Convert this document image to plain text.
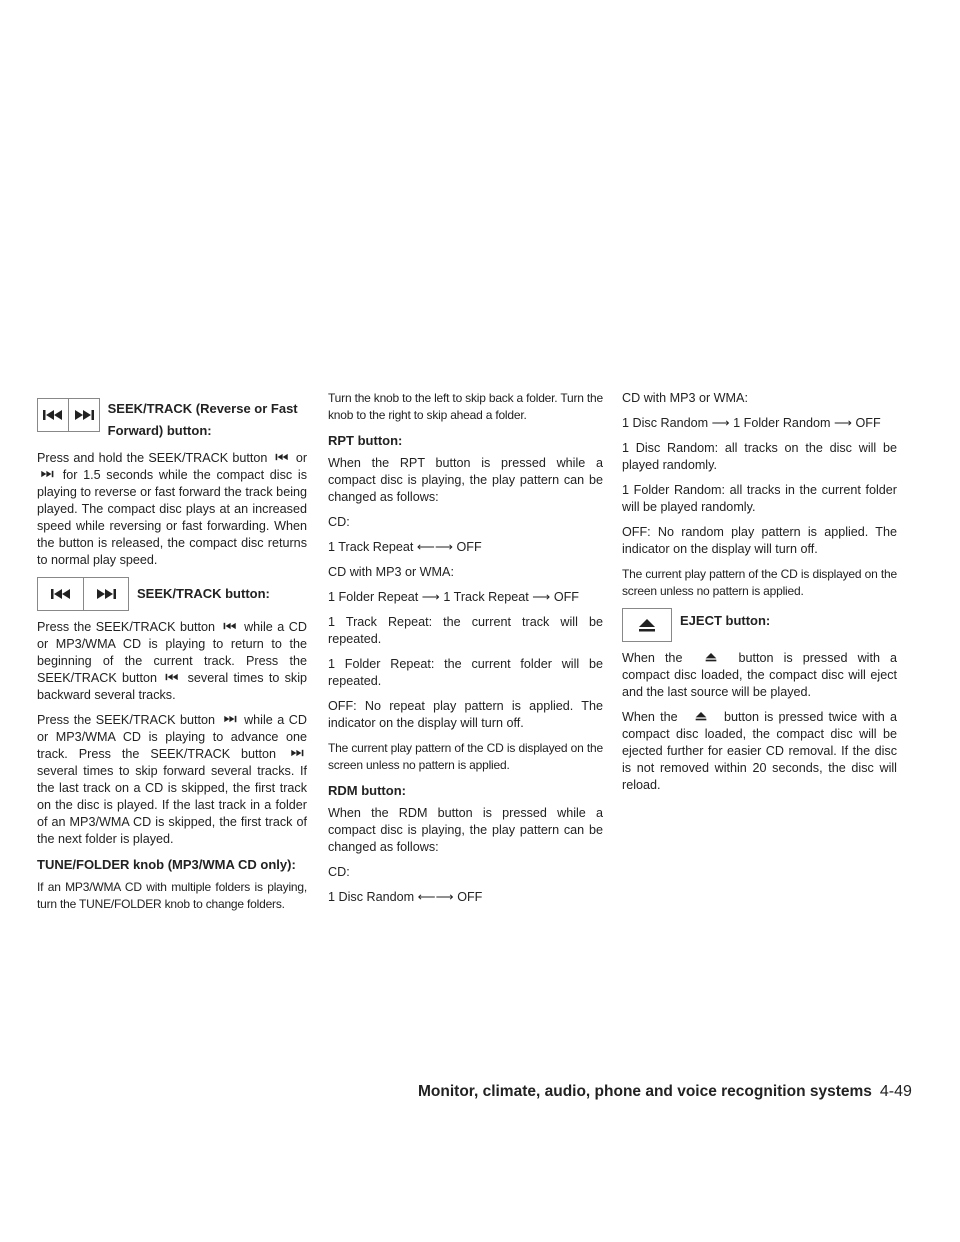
SEEK/TRACK (Reverse or Fast Forward) button:

Press and hold the SEEK/TRACK button or  for 1.5 seconds while the compact disc is playing to reverse or fast forward the track being played. The compact disc plays at an increased speed while reversing or fast forwarding. When the button is released, the compact disc returns to normal play speed.

SEEK/TRACK button:

Press the SEEK/TRACK button while a CD or MP3/WMA CD is playing to return to the beginning of the current track. Press the SEEK/TRACK button several times to skip backward several tracks.

Press the SEEK/TRACK button while a CD or MP3/WMA CD is playing to advance one track. Press the SEEK/TRACK button  several times to skip forward several tracks. If the last track on a CD is skipped, the first track on the disc is played. If the last track in a folder of an MP3/WMA CD is skipped, the first track of the next folder is played.

TUNE/FOLDER knob (MP3/WMA CD only):

If an MP3/WMA CD with multiple folders is playing, turn the TUNE/FOLDER knob to change folders.

Turn the knob to the left to skip back a folder. Turn the knob to the right to skip ahead a folder.

RPT button:

When the RPT button is pressed while a compact disc is playing, the play pattern can be changed as follows:

CD:

1 Track Repeat ⟵⟶ OFF

CD with MP3 or WMA:

1 Folder Repeat ⟶ 1 Track Repeat ⟶ OFF

1 Track Repeat: the current track will be repeated.

1 Folder Repeat: the current folder will be repeated.

OFF: No repeat play pattern is applied. The indicator on the display will turn off.

The current play pattern of the CD is displayed on the screen unless no pattern is applied.

RDM button:

When the RDM button is pressed while a compact disc is playing, the play pattern can be changed as follows:

CD:

1 Disc Random ⟵⟶ OFF

CD with MP3 or WMA:

1 Disc Random ⟶ 1 Folder Random ⟶ OFF

1 Disc Random: all tracks on the disc will be played randomly.

1 Folder Random: all tracks in the current folder will be played randomly.

OFF: No random play pattern is applied. The indicator on the display will turn off.

The current play pattern of the CD is displayed on the screen unless no pattern is applied.

EJECT button:

When the	button is pressed with a compact disc loaded, the compact disc will eject and the last source will be played.

When the	button is pressed twice with a compact disc loaded, the compact disc will be ejected further for easier CD removal. If the disc is not removed within 20 seconds, the disc will reload.

Monitor, climate, audio, phone and voice recognition systems 4-49
